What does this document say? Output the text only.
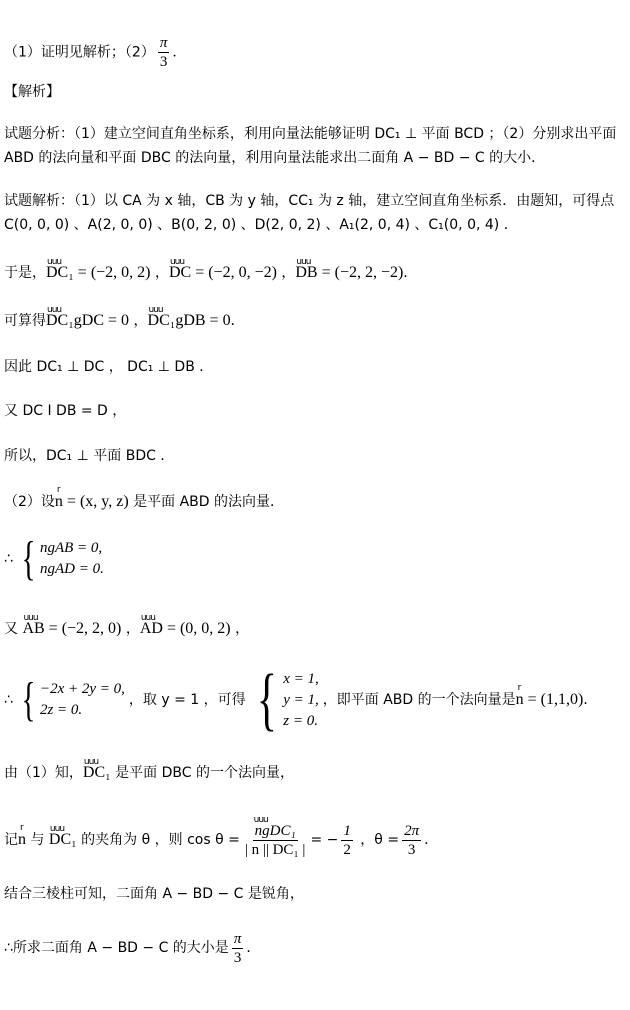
（1）证明见解析；$(2) \frac{\pi}{3}$ ．
【解析】
试题分析：（1）建立空间直角坐标系，利用向量法能够证明 DC₁ ⊥ 平面 BCD ；（2）分别求出平面
ABD 的法向量和平面 DBC 的法向量，利用向量法能求出二面角 A − BD − C 的大小．
试题解析：（1）以 CA 为 x 轴，CB 为 y 轴，CC₁ 为 z 轴，建立空间直角坐标系．由题知，可得点
C(0, 0, 0) 、A(2, 0, 0) 、B(0, 2, 0) 、D(2, 0, 2) 、A₁(2, 0, 4) 、C₁(0, 0, 4) ．
于是，uuu DC₁ = (−2, 0, 2) ，uuu DC = (−2, 0, −2) ，uuu DB = (−2, 2, −2)．
可算得uuu DC₁gDC = 0 ，uuu DC₁gDB = 0．
因此 DC₁ ⊥ DC ， DC₁ ⊥ DB ．
又 DC I DB = D ，
所以，DC₁ ⊥ 平面 BDC ．
（2）设r n = (x, y, z) 是平面 ABD 的法向量．
∴ { ngAB = 0,
ngAD = 0.
又 uuu AB = (−2, 2, 0) ，uuu AD = (0, 0, 2) ，
∴ { −2x + 2y = 0,
2z = 0.
，取 y = 1 ，可得 { x = 1,
y = 1,
z = 0.
，即平面 ABD 的一个法向量是r n = (1,1,0)．
由（1）知，uuu DC₁ 是平面 DBC 的一个法向量，
记r n 与 uuu DC₁ 的夹角为 θ ，则 cos θ =
uuu $\frac{\text{ngDC₁}}{\text{| n || DC₁ |}}$ = − $\frac{1}{2}$ ，$\theta = \frac{2\pi}{3}$ ．
结合三棱柱可知，二面角 A − BD − C 是锐角，
∴所求二面角 A − BD − C 的大小是 $\frac{\pi}{3}$ ．
